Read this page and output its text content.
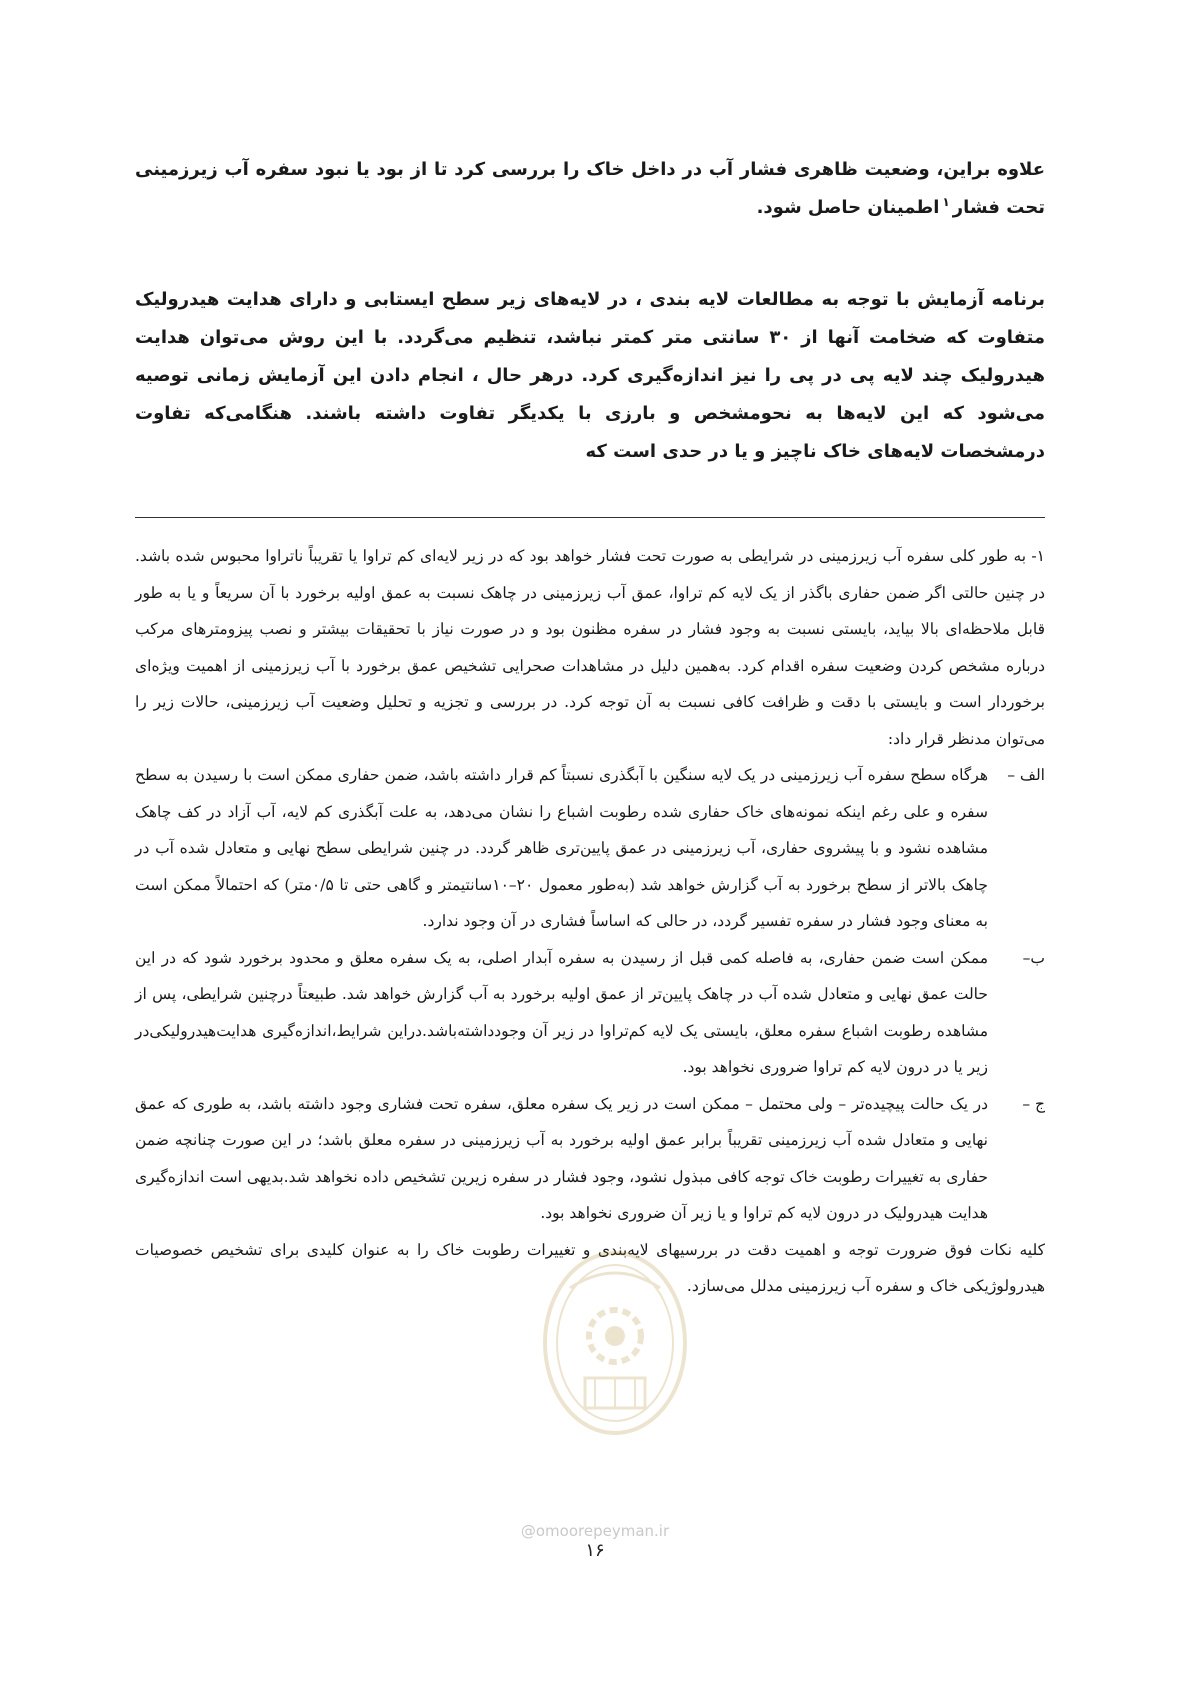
علاوه براین، وضعیت ظاهری فشار آب در داخل خاک را بررسی کرد تا از بود یا نبود سفره آب زیرزمینی تحت فشار$^۱$اطمینان حاصل شود.
برنامه آزمایش با توجه به مطالعات لایه بندی ، در لایه‌های زیر سطح ایستابی و دارای هدایت هیدرولیک متفاوت که ضخامت آنها از ۳۰ سانتی متر کمتر نباشد، تنظیم می‌گردد. با این روش می‌توان هدایت هیدرولیک چند لایه پی در پی را نیز اندازه‌گیری کرد. درهر حال ، انجام دادن این آزمایش زمانی توصیه می‌شود که این لایه‌ها به نحومشخص و بارزی با یکدیگر تفاوت داشته باشند. هنگامی‌که تفاوت درمشخصات لایه‌های خاک ناچیز و یا در حدی است که

۱- به طور کلی سفره آب زیرزمینی در شرایطی به صورت تحت فشار خواهد بود که در زیر لایه‌ای کم تراوا یا تقریباً ناتراوا محبوس شده باشد. در چنین حالتی اگر ضمن حفاری باگذر از یک لایه کم تراوا، عمق آب زیرزمینی در چاهک نسبت به عمق اولیه برخورد با آن سریعاً و یا به طور قابل ملاحظه‌ای بالا بیاید، بایستی نسبت به وجود فشار در سفره مظنون بود و در صورت نیاز با تحقیقات بیشتر و نصب پیزومترهای مرکب درباره مشخص کردن وضعیت سفره اقدام کرد. به‌همین دلیل در مشاهدات صحرایی تشخیص عمق برخورد با آب زیرزمینی از اهمیت ویژه‌ای برخوردار است و بایستی با دقت و ظرافت کافی نسبت به آن توجه کرد. در بررسی و تجزیه و تحلیل وضعیت آب زیرزمینی، حالات زیر را می‌توان مدنظر قرار داد:

الف –
هرگاه سطح سفره آب زیرزمینی در یک لایه سنگین با آبگذری نسبتاً کم قرار داشته باشد، ضمن حفاری ممکن است با رسیدن به سطح سفره و علی رغم اینکه نمونه‌های خاک حفاری شده رطوبت اشباع را نشان می‌دهد، به علت آبگذری کم لایه، آب آزاد در کف چاهک مشاهده نشود و با پیشروی حفاری، آب زیرزمینی در عمق پایین‌تری ظاهر گردد. در چنین شرایطی سطح نهایی و متعادل شده آب در چاهک بالاتر از سطح برخورد به آب گزارش خواهد شد (به‌طور معمول ۲۰–۱۰سانتیمتر و گاهی حتی تا ۰/۵متر) که احتمالاً ممکن است به معنای وجود فشار در سفره تفسیر گردد، در حالی که اساساً فشاری در آن وجود ندارد.
ب–
ممکن است ضمن حفاری، به فاصله کمی قبل از رسیدن به سفره آبدار اصلی، به یک سفره معلق و محدود برخورد شود که در این حالت عمق نهایی و متعادل شده آب در چاهک پایین‌تر از عمق اولیه برخورد به آب گزارش خواهد شد. طبیعتاً درچنین شرایطی، پس از مشاهده رطوبت اشباع سفره معلق، بایستی یک لایه کم‌تراوا در زیر آن وجودداشته‌باشد.دراین شرایط،اندازه‌گیری هدایت‌هیدرولیکی‌در زیر یا در درون لایه کم تراوا ضروری نخواهد بود.
ج –
در یک حالت پیچیده‌تر – ولی محتمل – ممکن است در زیر یک سفره معلق، سفره تحت فشاری وجود داشته باشد، به طوری که عمق نهایی و متعادل شده آب زیرزمینی تقریباً برابر عمق اولیه برخورد به آب زیرزمینی در سفره معلق باشد؛ در این صورت چنانچه ضمن حفاری به تغییرات رطوبت خاک توجه کافی مبذول نشود، وجود فشار در سفره زیرین تشخیص داده نخواهد شد.بدیهی است اندازه‌گیری هدایت هیدرولیک در درون لایه کم تراوا و یا زیر آن ضروری نخواهد بود.

کلیه نکات فوق ضرورت توجه و اهمیت دقت در بررسیهای لایه‌بندی و تغییرات رطوبت خاک را به عنوان کلیدی برای تشخیص خصوصیات هیدرولوژیکی خاک و سفره آب زیرزمینی مدلل می‌سازد.

@omoorepeyman.ir
۱۶
